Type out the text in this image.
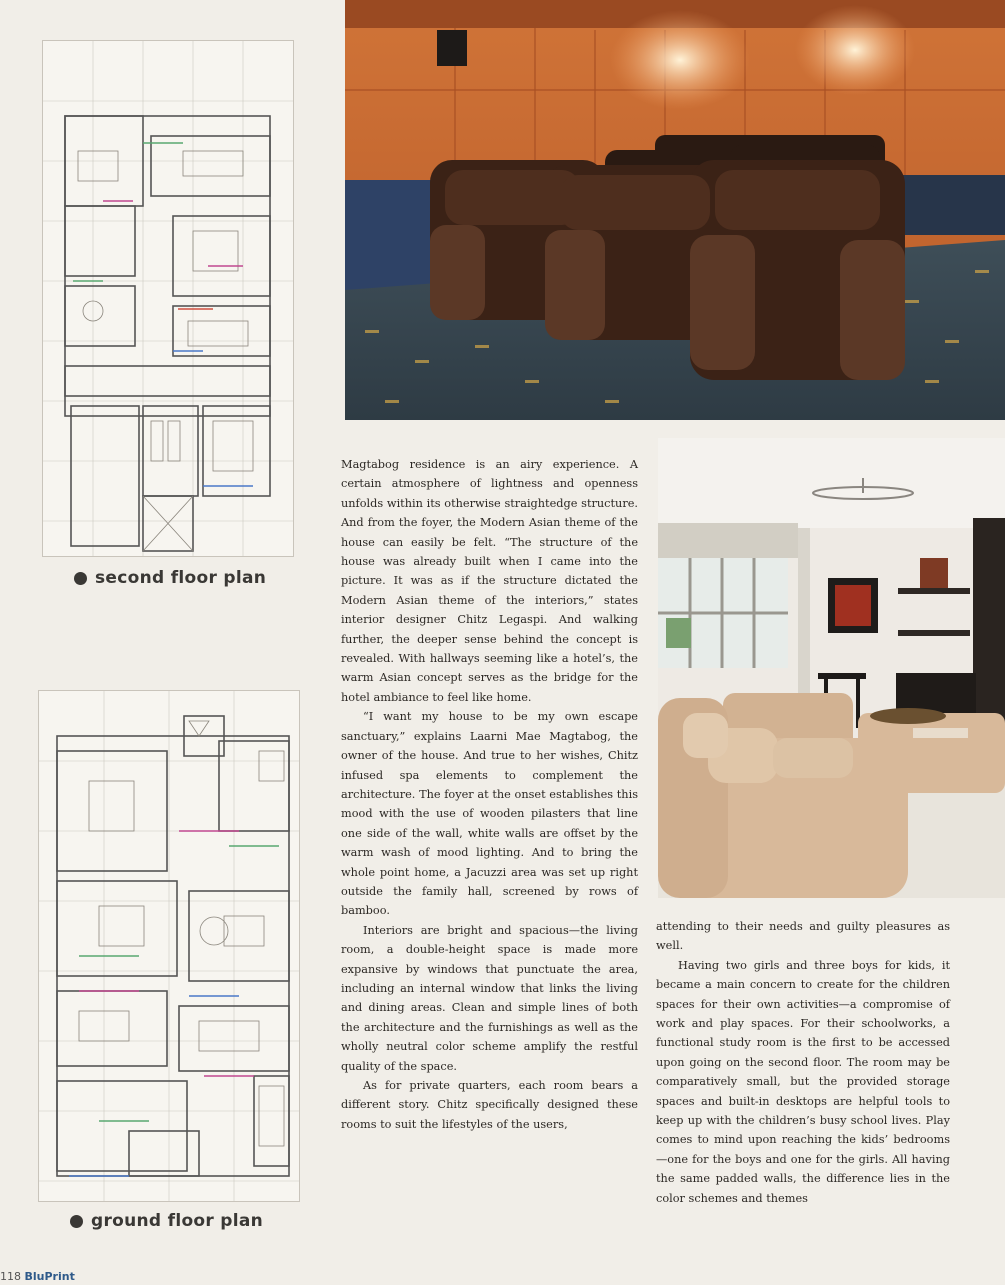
second floor plan
ground floor plan

Magtabog residence is an airy experience. A certain atmosphere of lightness and openness unfolds within its otherwise straightedge structure. And from the foyer, the Modern Asian theme of the house can easily be felt. “The structure of the house was already built when I came into the picture. It was as if the structure dictated the Modern Asian theme of the interiors,” states interior designer Chitz Legaspi. And walking further, the deeper sense behind the concept is revealed. With hallways seeming like a hotel’s, the warm Asian concept serves as the bridge for the hotel ambiance to feel like home.

“I want my house to be my own escape sanctuary,” explains Laarni Mae Magtabog, the owner of the house. And true to her wishes, Chitz infused spa elements to complement the architecture. The foyer at the onset establishes this mood with the use of wooden pilasters that line one side of the wall, white walls are offset by the warm wash of mood lighting. And to bring the whole point home, a Jacuzzi area was set up right outside the family hall, screened by rows of bamboo.

Interiors are bright and spacious—the living room, a double-height space is made more expansive by windows that punctuate the area, including an internal window that links the living and dining areas. Clean and simple lines of both the architecture and the furnishings as well as the wholly neutral color scheme amplify the restful quality of the space.

As for private quarters, each room bears a different story. Chitz specifically designed these rooms to suit the lifestyles of the users,

attending to their needs and guilty pleasures as well.

Having two girls and three boys for kids, it became a main concern to create for the children spaces for their own activities—a compromise of work and play spaces. For their schoolworks, a functional study room is the first to be accessed upon going on the second floor. The room may be comparatively small, but the provided storage spaces and built-in desktops are helpful tools to keep up with the children’s busy school lives. Play comes to mind upon reaching the kids’ bedrooms—one for the boys and one for the girls. All having the same padded walls, the difference lies in the color schemes and themes

118 BluPrint
